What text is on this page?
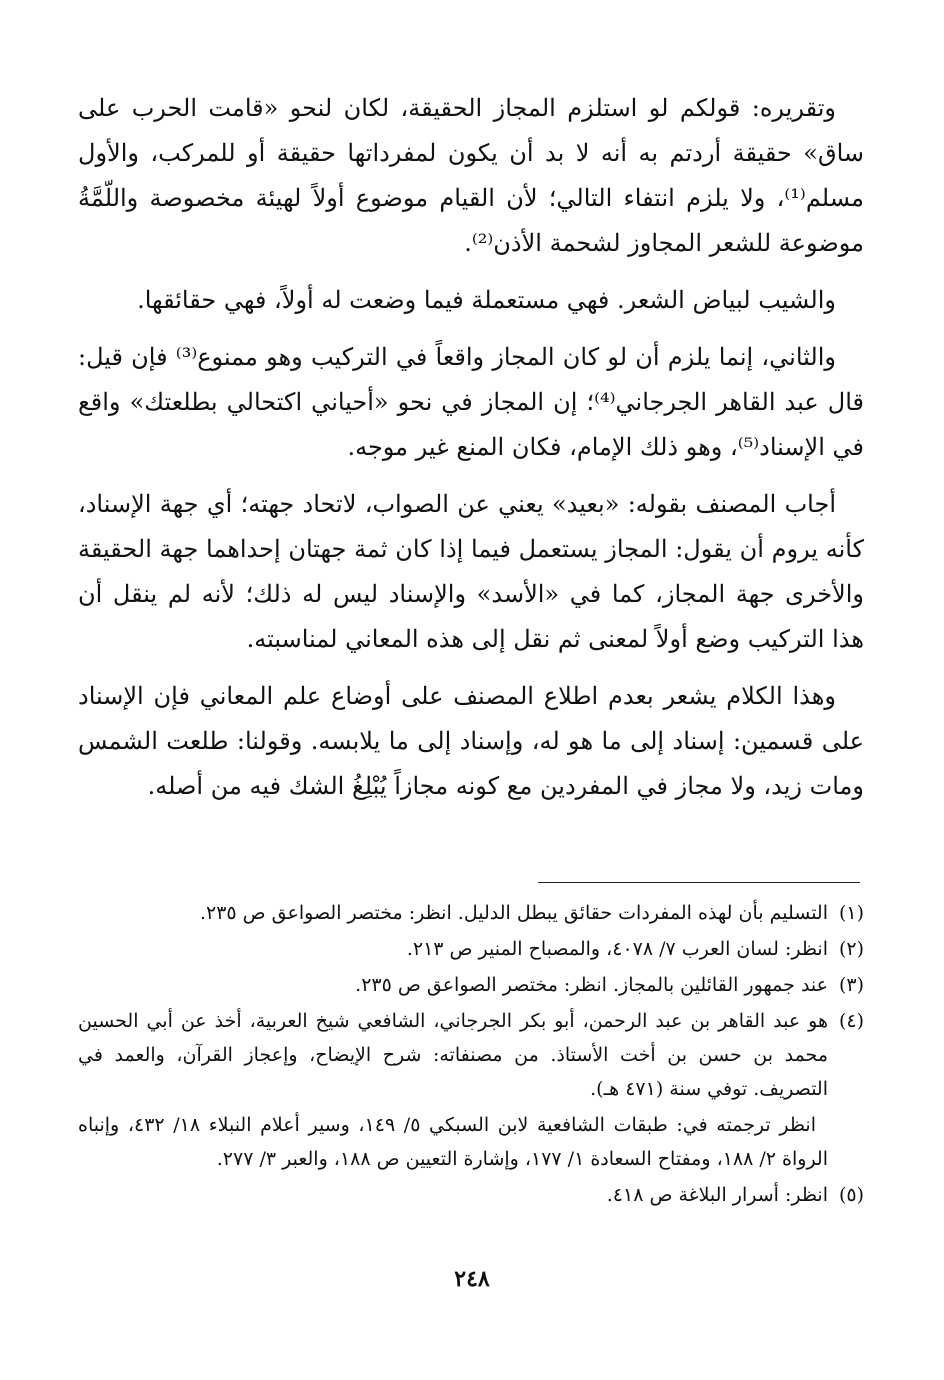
وتقريره: قولكم لو استلزم المجاز الحقيقة، لكان لنحو «قامت الحرب على ساق» حقيقة أردتم به أنه لا بد أن يكون لمفرداتها حقيقة أو للمركب، والأول مسلم⁽¹⁾، ولا يلزم انتفاء التالي؛ لأن القيام موضوع أولاً لهيئة مخصوصة واللّمَّةُ موضوعة للشعر المجاوز لشحمة الأذن⁽²⁾.

والشيب لبياض الشعر. فهي مستعملة فيما وضعت له أولاً، فهي حقائقها.

والثاني، إنما يلزم أن لو كان المجاز واقعاً في التركيب وهو ممنوع⁽³⁾ فإن قيل: قال عبد القاهر الجرجاني⁽⁴⁾؛ إن المجاز في نحو «أحياني اكتحالي بطلعتك» واقع في الإسناد⁽⁵⁾، وهو ذلك الإمام، فكان المنع غير موجه.

أجاب المصنف بقوله: «بعيد» يعني عن الصواب، لاتحاد جهته؛ أي جهة الإسناد، كأنه يروم أن يقول: المجاز يستعمل فيما إذا كان ثمة جهتان إحداهما جهة الحقيقة والأخرى جهة المجاز، كما في «الأسد» والإسناد ليس له ذلك؛ لأنه لم ينقل أن هذا التركيب وضع أولاً لمعنى ثم نقل إلى هذه المعاني لمناسبته.

وهذا الكلام يشعر بعدم اطلاع المصنف على أوضاع علم المعاني فإن الإسناد على قسمين: إسناد إلى ما هو له، وإسناد إلى ما يلابسه. وقولنا: طلعت الشمس ومات زيد، ولا مجاز في المفردين مع كونه مجازاً يُبْلِغُ الشك فيه من أصله.

(١)
التسليم بأن لهذه المفردات حقائق يبطل الدليل. انظر: مختصر الصواعق ص ٢٣٥.
(٢)
انظر: لسان العرب ٧/ ٤٠٧٨، والمصباح المنير ص ٢١٣.
(٣)
عند جمهور القائلين بالمجاز. انظر: مختصر الصواعق ص ٢٣٥.
(٤)
هو عبد القاهر بن عبد الرحمن، أبو بكر الجرجاني، الشافعي شيخ العربية، أخذ عن أبي الحسين محمد بن حسن بن أخت الأستاذ. من مصنفاته: شرح الإيضاح، وإعجاز القرآن، والعمد في التصريف. توفي سنة (٤٧١ هـ).
انظر ترجمته في: طبقات الشافعية لابن السبكي ٥/ ١٤٩، وسير أعلام النبلاء ١٨/ ٤٣٢، وإنباه الرواة ٢/ ١٨٨، ومفتاح السعادة ١/ ١٧٧، وإشارة التعيين ص ١٨٨، والعبر ٣/ ٢٧٧.
(٥)
انظر: أسرار البلاغة ص ٤١٨.
٢٤٨
